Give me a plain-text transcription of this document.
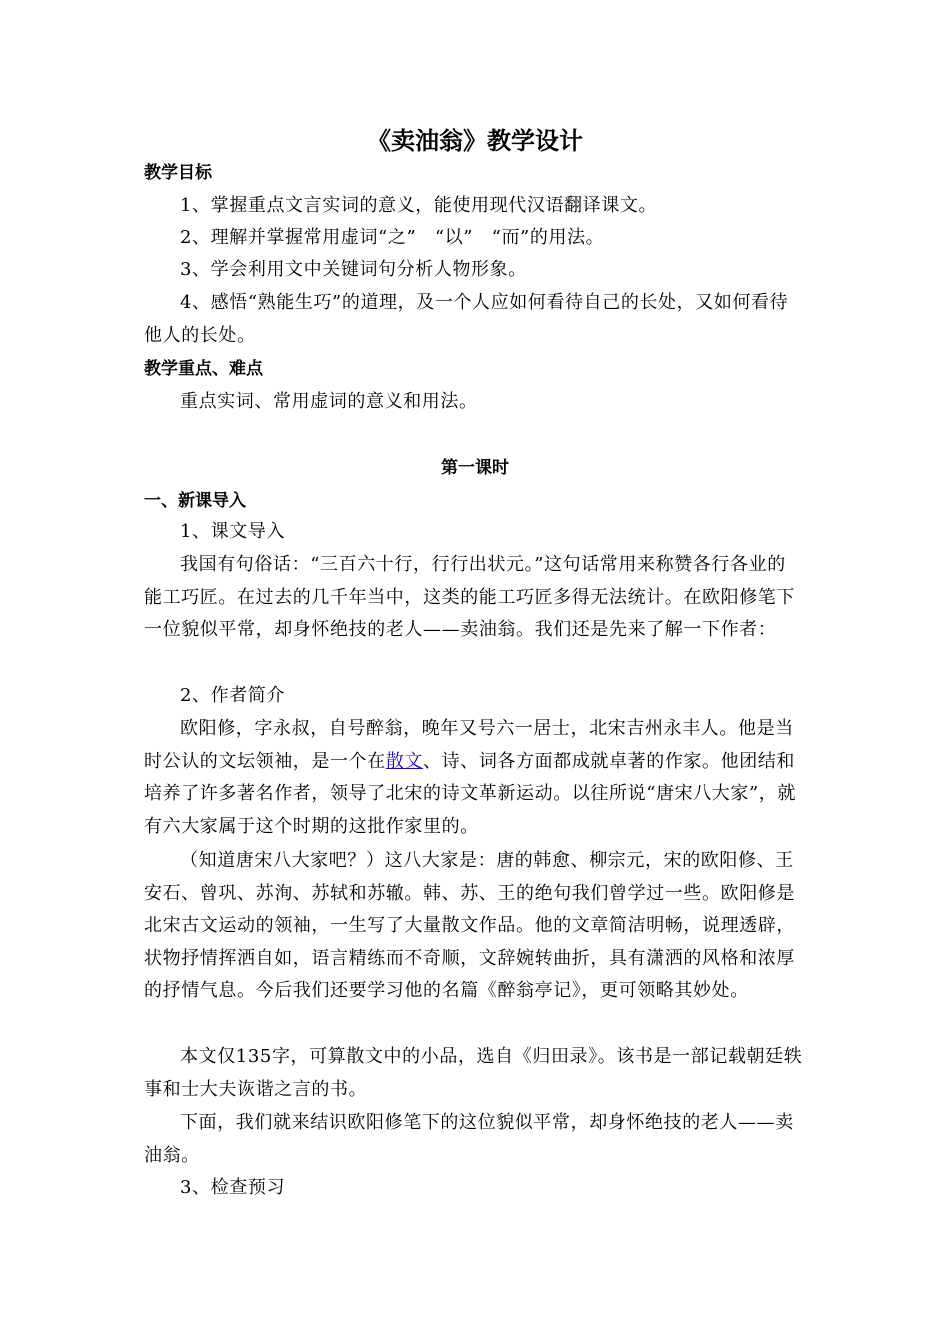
《卖油翁》教学设计
教学目标
1、掌握重点文言实词的意义，能使用现代汉语翻译课文。
2、理解并掌握常用虚词“之”　“以”　“而”的用法。
3、学会利用文中关键词句分析人物形象。
4、感悟“熟能生巧”的道理，及一个人应如何看待自己的长处，又如何看待他人的长处。
教学重点、难点
重点实词、常用虚词的意义和用法。
第一课时
一、新课导入
1、课文导入
我国有句俗话：“三百六十行，行行出状元。”这句话常用来称赞各行各业的能工巧匠。在过去的几千年当中，这类的能工巧匠多得无法统计。在欧阳修笔下一位貌似平常，却身怀绝技的老人——卖油翁。我们还是先来了解一下作者：
2、作者简介
欧阳修，字永叔，自号醉翁，晚年又号六一居士，北宋吉州永丰人。他是当时公认的文坛领袖，是一个在散文、诗、词各方面都成就卓著的作家。他团结和培养了许多著名作者，领导了北宋的诗文革新运动。以往所说“唐宋八大家”，就有六大家属于这个时期的这批作家里的。
（知道唐宋八大家吧？）这八大家是：唐的韩愈、柳宗元，宋的欧阳修、王安石、曾巩、苏洵、苏轼和苏辙。韩、苏、王的绝句我们曾学过一些。欧阳修是北宋古文运动的领袖，一生写了大量散文作品。他的文章简洁明畅，说理透辟，状物抒情挥洒自如，语言精练而不奇顺，文辞婉转曲折，具有潇洒的风格和浓厚的抒情气息。今后我们还要学习他的名篇《醉翁亭记》，更可领略其妙处。
本文仅135字，可算散文中的小品，选自《归田录》。该书是一部记载朝廷轶事和士大夫诙谐之言的书。
下面，我们就来结识欧阳修笔下的这位貌似平常，却身怀绝技的老人——卖油翁。
3、检查预习
